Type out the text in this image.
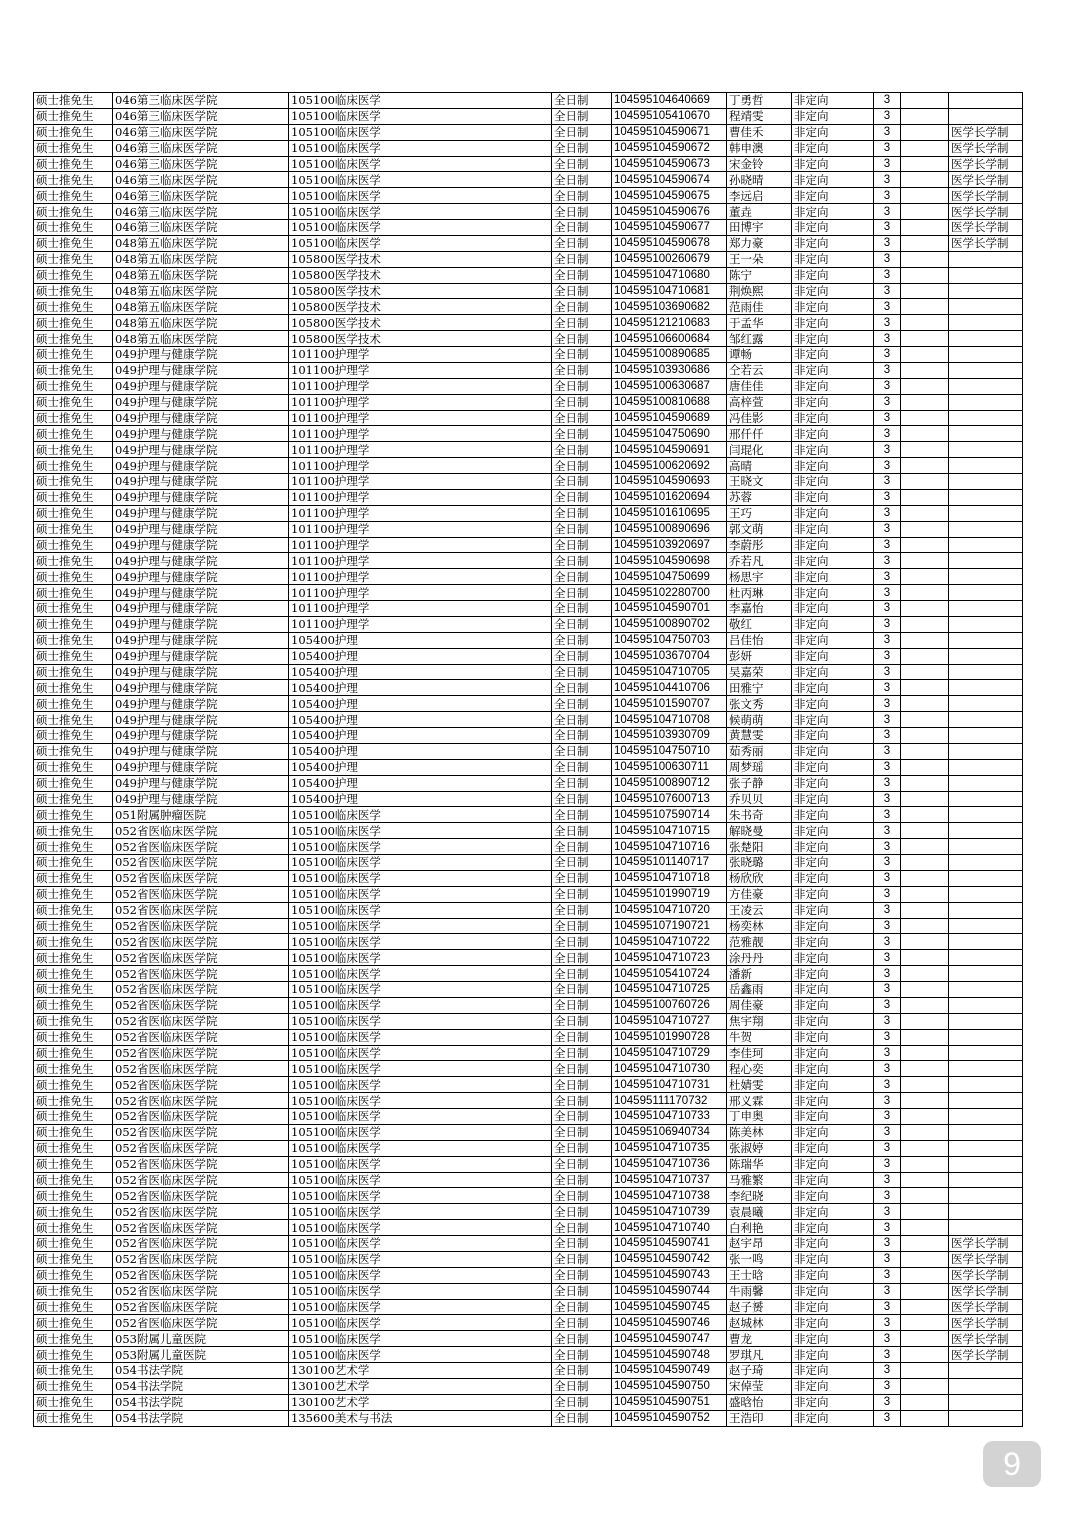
硕士推免生	046第三临床医学院	105100临床医学	全日制	104595104640669	丁勇哲	非定向	3		
硕士推免生	046第三临床医学院	105100临床医学	全日制	104595105410670	程靖雯	非定向	3		
硕士推免生	046第三临床医学院	105100临床医学	全日制	104595104590671	曹佳禾	非定向	3		医学长学制
硕士推免生	046第三临床医学院	105100临床医学	全日制	104595104590672	韩申澳	非定向	3		医学长学制
硕士推免生	046第三临床医学院	105100临床医学	全日制	104595104590673	宋金铃	非定向	3		医学长学制
硕士推免生	046第三临床医学院	105100临床医学	全日制	104595104590674	孙晓晴	非定向	3		医学长学制
硕士推免生	046第三临床医学院	105100临床医学	全日制	104595104590675	李远启	非定向	3		医学长学制
硕士推免生	046第三临床医学院	105100临床医学	全日制	104595104590676	董垚	非定向	3		医学长学制
硕士推免生	046第三临床医学院	105100临床医学	全日制	104595104590677	田博宇	非定向	3		医学长学制
硕士推免生	048第五临床医学院	105100临床医学	全日制	104595104590678	郑力豪	非定向	3		医学长学制
硕士推免生	048第五临床医学院	105800医学技术	全日制	104595100260679	王一朵	非定向	3		
硕士推免生	048第五临床医学院	105800医学技术	全日制	104595104710680	陈宁	非定向	3		
硕士推免生	048第五临床医学院	105800医学技术	全日制	104595104710681	荆焕熙	非定向	3		
硕士推免生	048第五临床医学院	105800医学技术	全日制	104595103690682	范雨佳	非定向	3		
硕士推免生	048第五临床医学院	105800医学技术	全日制	104595121210683	于孟华	非定向	3		
硕士推免生	048第五临床医学院	105800医学技术	全日制	104595106600684	邹红露	非定向	3		
硕士推免生	049护理与健康学院	101100护理学	全日制	104595100890685	谭畅	非定向	3		
硕士推免生	049护理与健康学院	101100护理学	全日制	104595103930686	仝若云	非定向	3		
硕士推免生	049护理与健康学院	101100护理学	全日制	104595100630687	唐佳佳	非定向	3		
硕士推免生	049护理与健康学院	101100护理学	全日制	104595100810688	高梓萱	非定向	3		
硕士推免生	049护理与健康学院	101100护理学	全日制	104595104590689	冯佳影	非定向	3		
硕士推免生	049护理与健康学院	101100护理学	全日制	104595104750690	邢仟仟	非定向	3		
硕士推免生	049护理与健康学院	101100护理学	全日制	104595104590691	闫琨化	非定向	3		
硕士推免生	049护理与健康学院	101100护理学	全日制	104595100620692	高晴	非定向	3		
硕士推免生	049护理与健康学院	101100护理学	全日制	104595104590693	王晓文	非定向	3		
硕士推免生	049护理与健康学院	101100护理学	全日制	104595101620694	苏蓉	非定向	3		
硕士推免生	049护理与健康学院	101100护理学	全日制	104595101610695	王巧	非定向	3		
硕士推免生	049护理与健康学院	101100护理学	全日制	104595100890696	郭文萌	非定向	3		
硕士推免生	049护理与健康学院	101100护理学	全日制	104595103920697	李蔚彤	非定向	3		
硕士推免生	049护理与健康学院	101100护理学	全日制	104595104590698	乔若凡	非定向	3		
硕士推免生	049护理与健康学院	101100护理学	全日制	104595104750699	杨思宇	非定向	3		
硕士推免生	049护理与健康学院	101100护理学	全日制	104595102280700	杜丙琳	非定向	3		
硕士推免生	049护理与健康学院	101100护理学	全日制	104595104590701	李嘉怡	非定向	3		
硕士推免生	049护理与健康学院	101100护理学	全日制	104595100890702	敬红	非定向	3		
硕士推免生	049护理与健康学院	105400护理	全日制	104595104750703	吕佳怡	非定向	3		
硕士推免生	049护理与健康学院	105400护理	全日制	104595103670704	彭妍	非定向	3		
硕士推免生	049护理与健康学院	105400护理	全日制	104595104710705	吴嘉荣	非定向	3		
硕士推免生	049护理与健康学院	105400护理	全日制	104595104410706	田雅宁	非定向	3		
硕士推免生	049护理与健康学院	105400护理	全日制	104595101590707	张文秀	非定向	3		
硕士推免生	049护理与健康学院	105400护理	全日制	104595104710708	候萌萌	非定向	3		
硕士推免生	049护理与健康学院	105400护理	全日制	104595103930709	黄慧雯	非定向	3		
硕士推免生	049护理与健康学院	105400护理	全日制	104595104750710	茹秀丽	非定向	3		
硕士推免生	049护理与健康学院	105400护理	全日制	104595100630711	周梦瑶	非定向	3		
硕士推免生	049护理与健康学院	105400护理	全日制	104595100890712	张子静	非定向	3		
硕士推免生	049护理与健康学院	105400护理	全日制	104595107600713	乔贝贝	非定向	3		
硕士推免生	051附属肿瘤医院	105100临床医学	全日制	104595107590714	朱书奇	非定向	3		
硕士推免生	052省医临床医学院	105100临床医学	全日制	104595104710715	解晓曼	非定向	3		
硕士推免生	052省医临床医学院	105100临床医学	全日制	104595104710716	张楚阳	非定向	3		
硕士推免生	052省医临床医学院	105100临床医学	全日制	104595101140717	张晓璐	非定向	3		
硕士推免生	052省医临床医学院	105100临床医学	全日制	104595104710718	杨欣欣	非定向	3		
硕士推免生	052省医临床医学院	105100临床医学	全日制	104595101990719	方佳豪	非定向	3		
硕士推免生	052省医临床医学院	105100临床医学	全日制	104595104710720	王凌云	非定向	3		
硕士推免生	052省医临床医学院	105100临床医学	全日制	104595107190721	杨奕林	非定向	3		
硕士推免生	052省医临床医学院	105100临床医学	全日制	104595104710722	范雅靓	非定向	3		
硕士推免生	052省医临床医学院	105100临床医学	全日制	104595104710723	涂丹丹	非定向	3		
硕士推免生	052省医临床医学院	105100临床医学	全日制	104595105410724	潘新	非定向	3		
硕士推免生	052省医临床医学院	105100临床医学	全日制	104595104710725	岳鑫雨	非定向	3		
硕士推免生	052省医临床医学院	105100临床医学	全日制	104595100760726	周佳豪	非定向	3		
硕士推免生	052省医临床医学院	105100临床医学	全日制	104595104710727	焦宇翔	非定向	3		
硕士推免生	052省医临床医学院	105100临床医学	全日制	104595101990728	牛贺	非定向	3		
硕士推免生	052省医临床医学院	105100临床医学	全日制	104595104710729	李佳珂	非定向	3		
硕士推免生	052省医临床医学院	105100临床医学	全日制	104595104710730	程心奕	非定向	3		
硕士推免生	052省医临床医学院	105100临床医学	全日制	104595104710731	杜婧雯	非定向	3		
硕士推免生	052省医临床医学院	105100临床医学	全日制	104595111170732	邢义霖	非定向	3		
硕士推免生	052省医临床医学院	105100临床医学	全日制	104595104710733	丁申奥	非定向	3		
硕士推免生	052省医临床医学院	105100临床医学	全日制	104595106940734	陈美林	非定向	3		
硕士推免生	052省医临床医学院	105100临床医学	全日制	104595104710735	张淑婷	非定向	3		
硕士推免生	052省医临床医学院	105100临床医学	全日制	104595104710736	陈瑞华	非定向	3		
硕士推免生	052省医临床医学院	105100临床医学	全日制	104595104710737	马雅繁	非定向	3		
硕士推免生	052省医临床医学院	105100临床医学	全日制	104595104710738	李纪晓	非定向	3		
硕士推免生	052省医临床医学院	105100临床医学	全日制	104595104710739	袁晨曦	非定向	3		
硕士推免生	052省医临床医学院	105100临床医学	全日制	104595104710740	白利艳	非定向	3		
硕士推免生	052省医临床医学院	105100临床医学	全日制	104595104590741	赵宇昂	非定向	3		医学长学制
硕士推免生	052省医临床医学院	105100临床医学	全日制	104595104590742	张一鸣	非定向	3		医学长学制
硕士推免生	052省医临床医学院	105100临床医学	全日制	104595104590743	王士晗	非定向	3		医学长学制
硕士推免生	052省医临床医学院	105100临床医学	全日制	104595104590744	牛雨馨	非定向	3		医学长学制
硕士推免生	052省医临床医学院	105100临床医学	全日制	104595104590745	赵子赟	非定向	3		医学长学制
硕士推免生	052省医临床医学院	105100临床医学	全日制	104595104590746	赵城林	非定向	3		医学长学制
硕士推免生	053附属儿童医院	105100临床医学	全日制	104595104590747	曹龙	非定向	3		医学长学制
硕士推免生	053附属儿童医院	105100临床医学	全日制	104595104590748	罗琪凡	非定向	3		医学长学制
硕士推免生	054书法学院	130100艺术学	全日制	104595104590749	赵子琦	非定向	3		
硕士推免生	054书法学院	130100艺术学	全日制	104595104590750	宋倬莹	非定向	3		
硕士推免生	054书法学院	130100艺术学	全日制	104595104590751	盛晗怡	非定向	3		
硕士推免生	054书法学院	135600美术与书法	全日制	104595104590752	王浩印	非定向	3		
9
